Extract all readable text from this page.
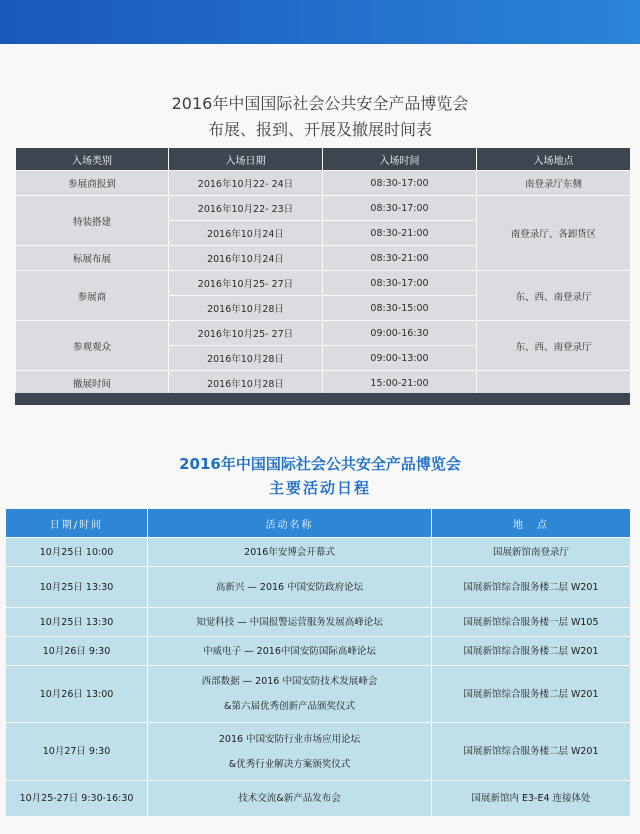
2016年中国国际社会公共安全产品博览会
布展、报到、开展及撤展时间表
入场类别	入场日期	入场时间	入场地点
参展商报到	2016年10月22- 24日	08:30-17:00	南登录厅东侧
特装搭建	2016年10月22- 23日	08:30-17:00	南登录厅、各卸货区
	2016年10月24日	08:30-21:00	
标展布展	2016年10月24日	08:30-21:00	
参展商	2016年10月25- 27日	08:30-17:00	东、西、南登录厅
	2016年10月28日	08:30-15:00	
参观观众	2016年10月25- 27日	09:00-16:30	东、西、南登录厅
	2016年10月28日	09:00-13:00	
撤展时间	2016年10月28日	15:00-21:00	
2016年中国国际社会公共安全产品博览会
主要活动日程
日期/时间	活动名称	地　点
10月25日 10:00	2016年安博会开幕式	国展新馆南登录厅
10月25日 13:30	高新兴 — 2016 中国安防政府论坛	国展新馆综合服务楼二层 W201
10月25日 13:30	知觉科技 — 中国报警运营服务发展高峰论坛	国展新馆综合服务楼一层 W105
10月26日 9:30	中威电子 — 2016中国安防国际高峰论坛	国展新馆综合服务楼二层 W201
10月26日 13:00	西部数据 — 2016 中国安防技术发展峰会
&第六届优秀创新产品颁奖仪式	国展新馆综合服务楼二层 W201
10月27日 9:30	2016 中国安防行业市场应用论坛
&优秀行业解决方案颁奖仪式	国展新馆综合服务楼二层 W201
10月25-27日 9:30-16:30	技术交流&新产品发布会	国展新馆内 E3-E4 连接体处
